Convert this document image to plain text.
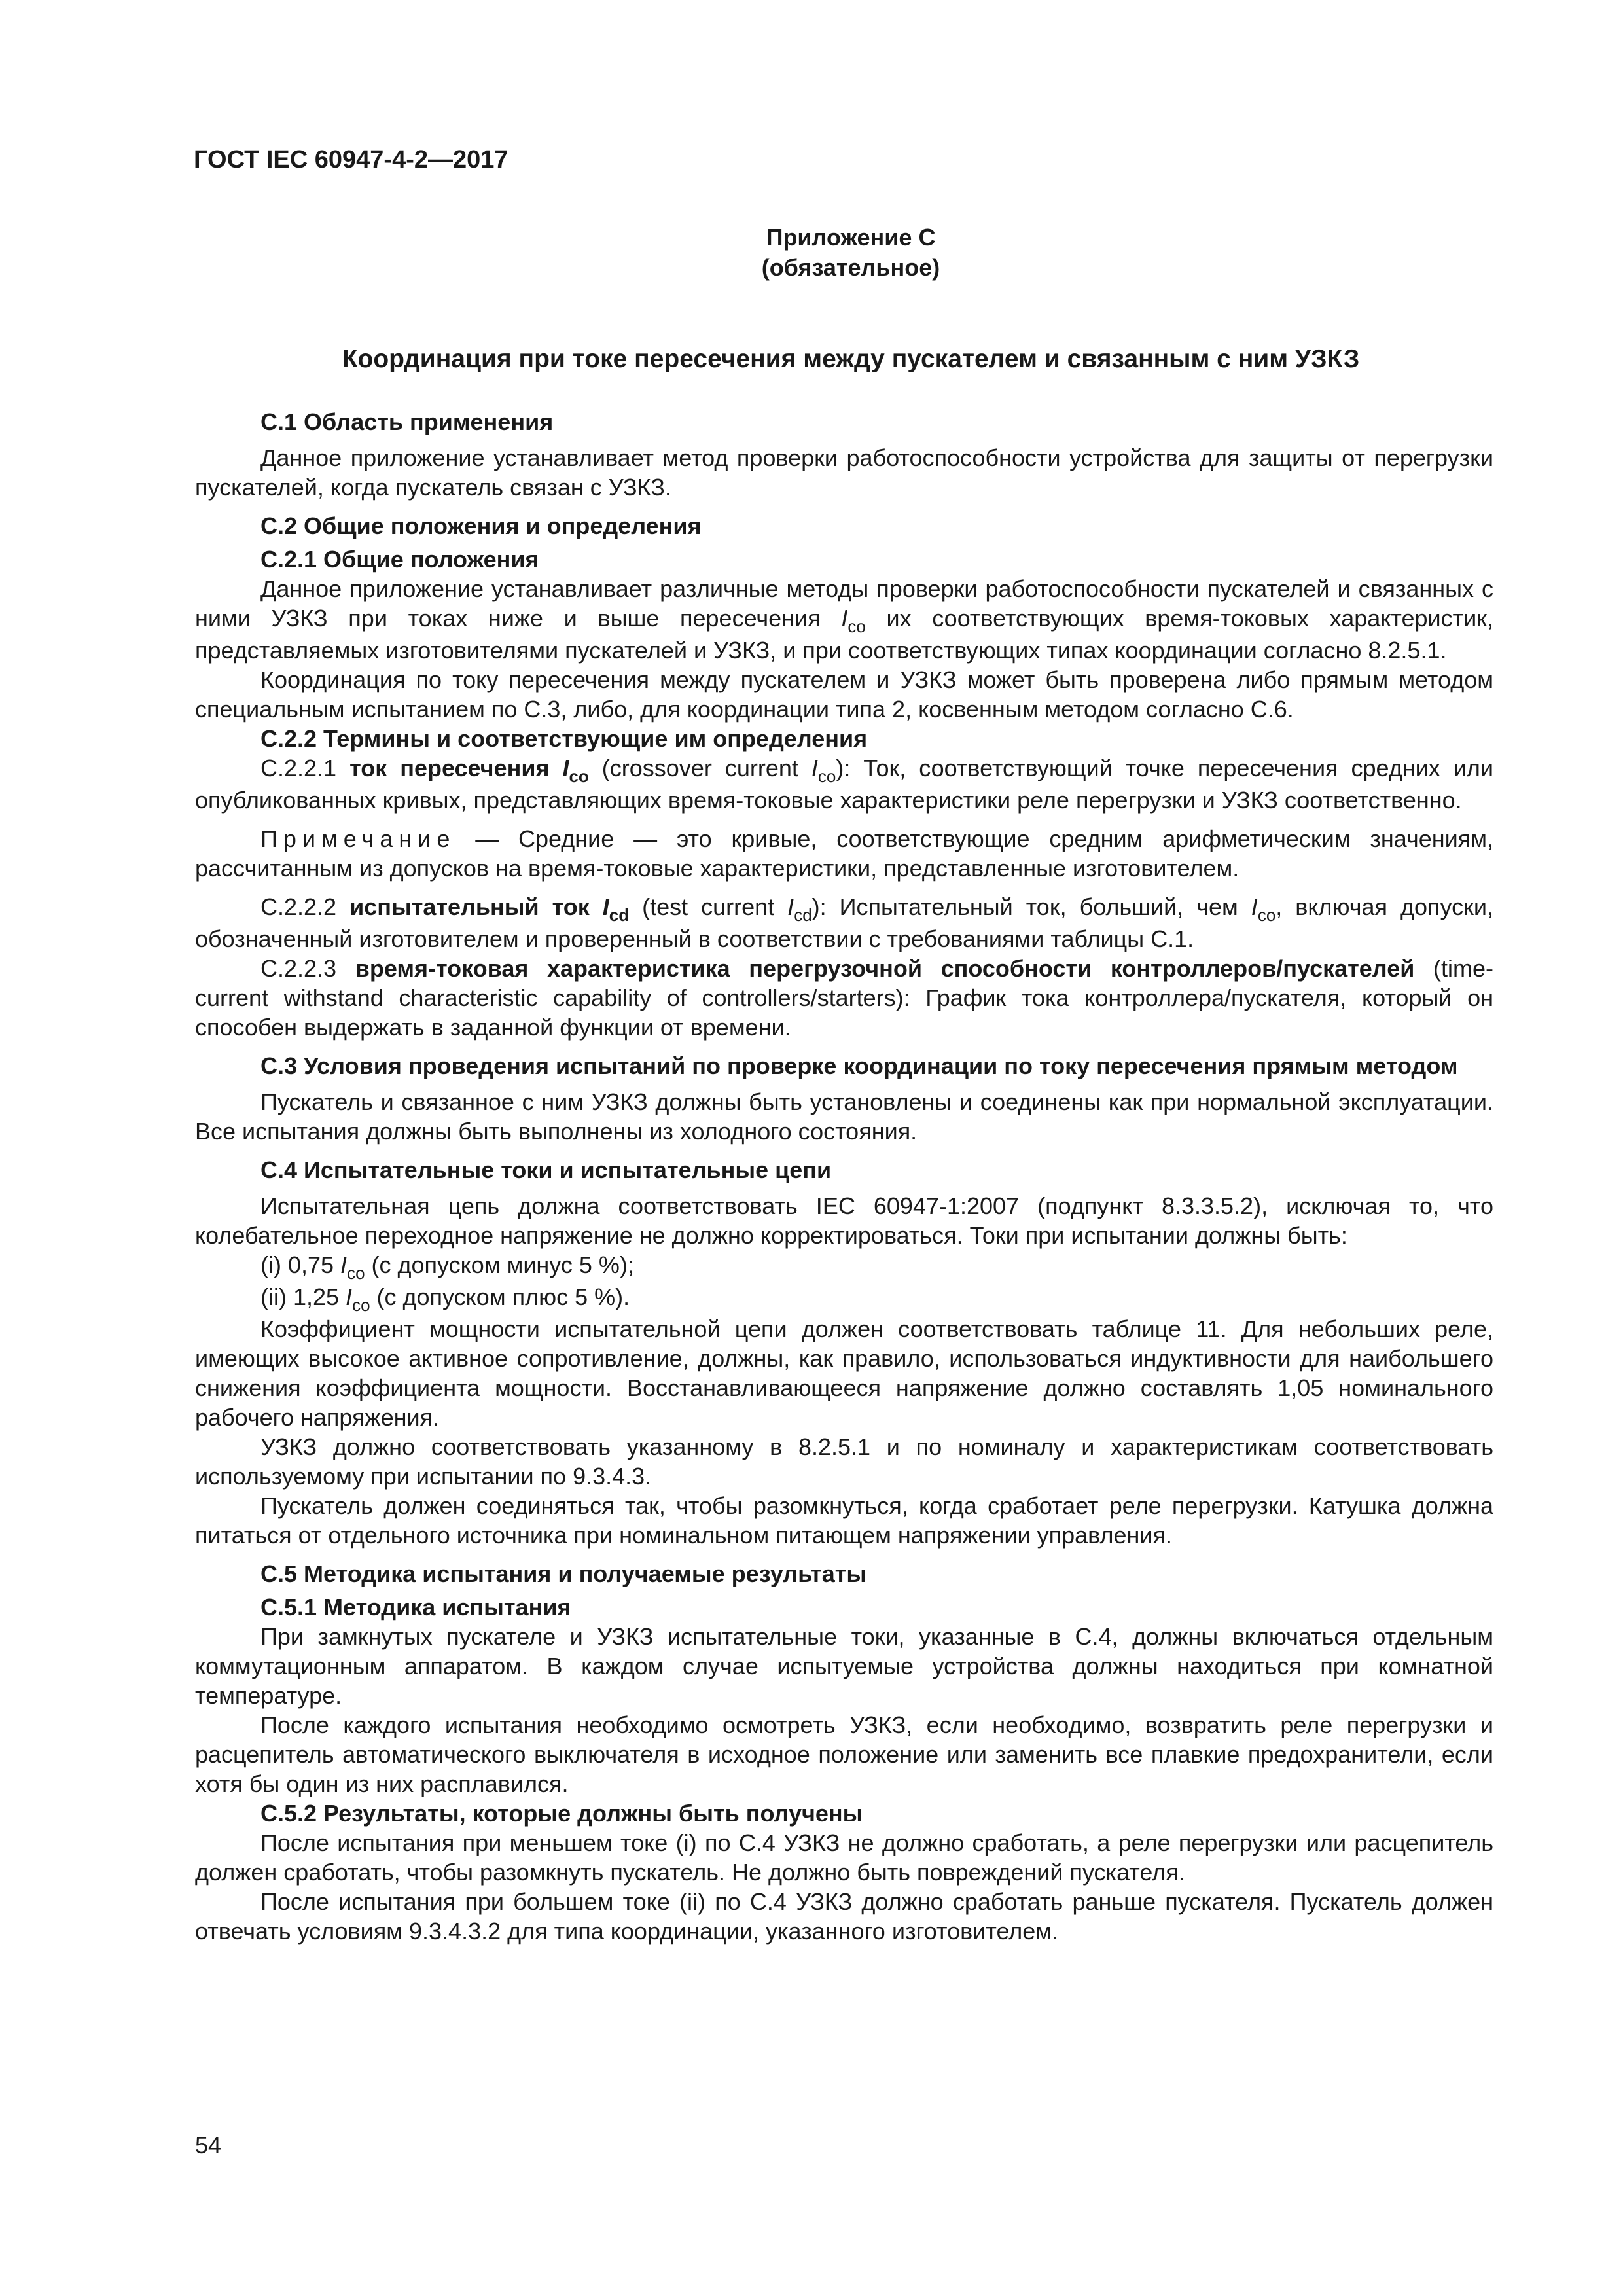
ГОСТ IEC 60947-4-2—2017
Приложение С
(обязательное)
Координация при токе пересечения между пускателем и связанным с ним УЗКЗ

С.1 Область применения

Данное приложение устанавливает метод проверки работоспособности устройства для защиты от перегрузки пускателей, когда пускатель связан с УЗКЗ.

С.2 Общие положения и определения

С.2.1 Общие положения

Данное приложение устанавливает различные методы проверки работоспособности пускателей и связанных с ними УЗКЗ при токах ниже и выше пересечения $I_{co}$ их соответствующих время-токовых характеристик, представляемых изготовителями пускателей и УЗКЗ, и при соответствующих типах координации согласно 8.2.5.1.

Координация по току пересечения между пускателем и УЗКЗ может быть проверена либо прямым методом специальным испытанием по С.3, либо, для координации типа 2, косвенным методом согласно С.6.

С.2.2 Термины и соответствующие им определения

С.2.2.1 ток пересечения $I_{co}$ (crossover current $I_{co}$): Ток, соответствующий точке пересечения средних или опубликованных кривых, представляющих время-токовые характеристики реле перегрузки и УЗКЗ соответственно.

Примечание — Средние — это кривые, соответствующие средним арифметическим значениям, рассчитанным из допусков на время-токовые характеристики, представленные изготовителем.

С.2.2.2 испытательный ток $I_{cd}$ (test current $I_{cd}$): Испытательный ток, больший, чем $I_{co}$, включая допуски, обозначенный изготовителем и проверенный в соответствии с требованиями таблицы С.1.

С.2.2.3 время-токовая характеристика перегрузочной способности контроллеров/пускателей (time-current withstand characteristic capability of controllers/starters): График тока контроллера/пускателя, который он способен выдержать в заданной функции от времени.

С.3 Условия проведения испытаний по проверке координации по току пересечения прямым методом

Пускатель и связанное с ним УЗКЗ должны быть установлены и соединены как при нормальной эксплуатации. Все испытания должны быть выполнены из холодного состояния.

С.4 Испытательные токи и испытательные цепи

Испытательная цепь должна соответствовать IEC 60947-1:2007 (подпункт 8.3.3.5.2), исключая то, что колебательное переходное напряжение не должно корректироваться. Токи при испытании должны быть:

(i) 0,75 $I_{co}$ (с допуском минус 5 %);

(ii) 1,25 $I_{co}$ (с допуском плюс 5 %).

Коэффициент мощности испытательной цепи должен соответствовать таблице 11. Для небольших реле, имеющих высокое активное сопротивление, должны, как правило, использоваться индуктивности для наибольшего снижения коэффициента мощности. Восстанавливающееся напряжение должно составлять 1,05 номинального рабочего напряжения.

УЗКЗ должно соответствовать указанному в 8.2.5.1 и по номиналу и характеристикам соответствовать используемому при испытании по 9.3.4.3.

Пускатель должен соединяться так, чтобы разомкнуться, когда сработает реле перегрузки. Катушка должна питаться от отдельного источника при номинальном питающем напряжении управления.

С.5 Методика испытания и получаемые результаты

С.5.1 Методика испытания

При замкнутых пускателе и УЗКЗ испытательные токи, указанные в С.4, должны включаться отдельным коммутационным аппаратом. В каждом случае испытуемые устройства должны находиться при комнатной температуре.

После каждого испытания необходимо осмотреть УЗКЗ, если необходимо, возвратить реле перегрузки и расцепитель автоматического выключателя в исходное положение или заменить все плавкие предохранители, если хотя бы один из них расплавился.

С.5.2 Результаты, которые должны быть получены

После испытания при меньшем токе (i) по С.4 УЗКЗ не должно сработать, а реле перегрузки или расцепитель должен сработать, чтобы разомкнуть пускатель. Не должно быть повреждений пускателя.

После испытания при большем токе (ii) по С.4 УЗКЗ должно сработать раньше пускателя. Пускатель должен отвечать условиям 9.3.4.3.2 для типа координации, указанного изготовителем.

54
